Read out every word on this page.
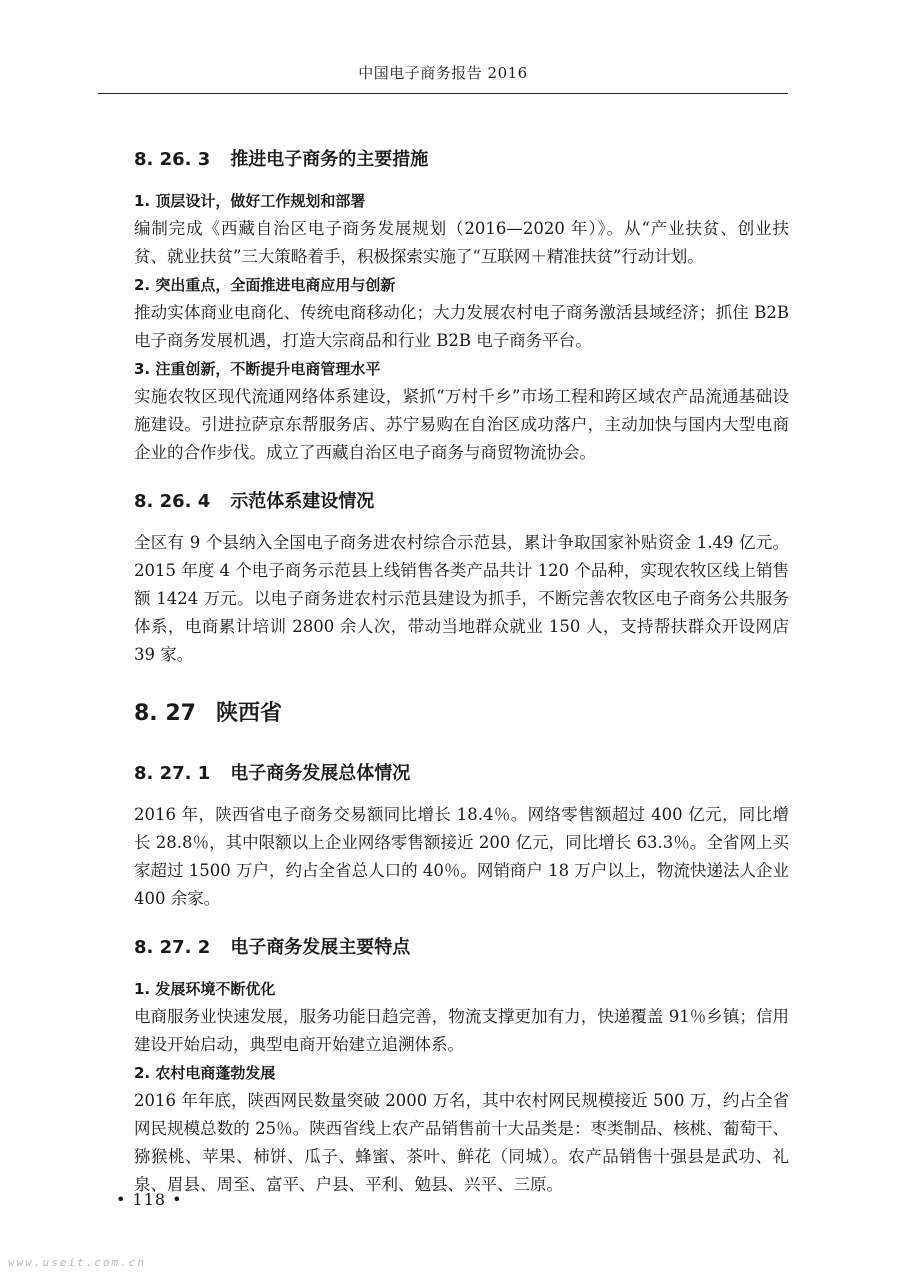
中国电子商务报告 2016
8. 26. 3 推进电子商务的主要措施
1. 顶层设计，做好工作规划和部署

编制完成《西藏自治区电子商务发展规划（2016—2020 年）》。从“产业扶贫、创业扶贫、就业扶贫”三大策略着手，积极探索实施了“互联网＋精准扶贫”行动计划。

2. 突出重点，全面推进电商应用与创新

推动实体商业电商化、传统电商移动化；大力发展农村电子商务激活县域经济；抓住 B2B 电子商务发展机遇，打造大宗商品和行业 B2B 电子商务平台。

3. 注重创新，不断提升电商管理水平

实施农牧区现代流通网络体系建设，紧抓“万村千乡”市场工程和跨区域农产品流通基础设施建设。引进拉萨京东帮服务店、苏宁易购在自治区成功落户，主动加快与国内大型电商企业的合作步伐。成立了西藏自治区电子商务与商贸物流协会。

8. 26. 4 示范体系建设情况

全区有 9 个县纳入全国电子商务进农村综合示范县，累计争取国家补贴资金 1.49 亿元。2015 年度 4 个电子商务示范县上线销售各类产品共计 120 个品种，实现农牧区线上销售额 1424 万元。以电子商务进农村示范县建设为抓手，不断完善农牧区电子商务公共服务体系，电商累计培训 2800 余人次，带动当地群众就业 150 人，支持帮扶群众开设网店 39 家。

8. 27 陕西省
8. 27. 1 电子商务发展总体情况

2016 年，陕西省电子商务交易额同比增长 18.4％。网络零售额超过 400 亿元，同比增长 28.8％，其中限额以上企业网络零售额接近 200 亿元，同比增长 63.3％。全省网上买家超过 1500 万户，约占全省总人口的 40％。网销商户 18 万户以上，物流快递法人企业 400 余家。

8. 27. 2 电子商务发展主要特点
1. 发展环境不断优化

电商服务业快速发展，服务功能日趋完善，物流支撑更加有力，快递覆盖 91％乡镇；信用建设开始启动，典型电商开始建立追溯体系。

2. 农村电商蓬勃发展

2016 年年底，陕西网民数量突破 2000 万名，其中农村网民规模接近 500 万，约占全省网民规模总数的 25％。陕西省线上农产品销售前十大品类是：枣类制品、核桃、葡萄干、猕猴桃、苹果、柿饼、瓜子、蜂蜜、茶叶、鲜花（同城）。农产品销售十强县是武功、礼泉、眉县、周至、富平、户县、平利、勉县、兴平、三原。

• 118 •
www.useit.com.cn
